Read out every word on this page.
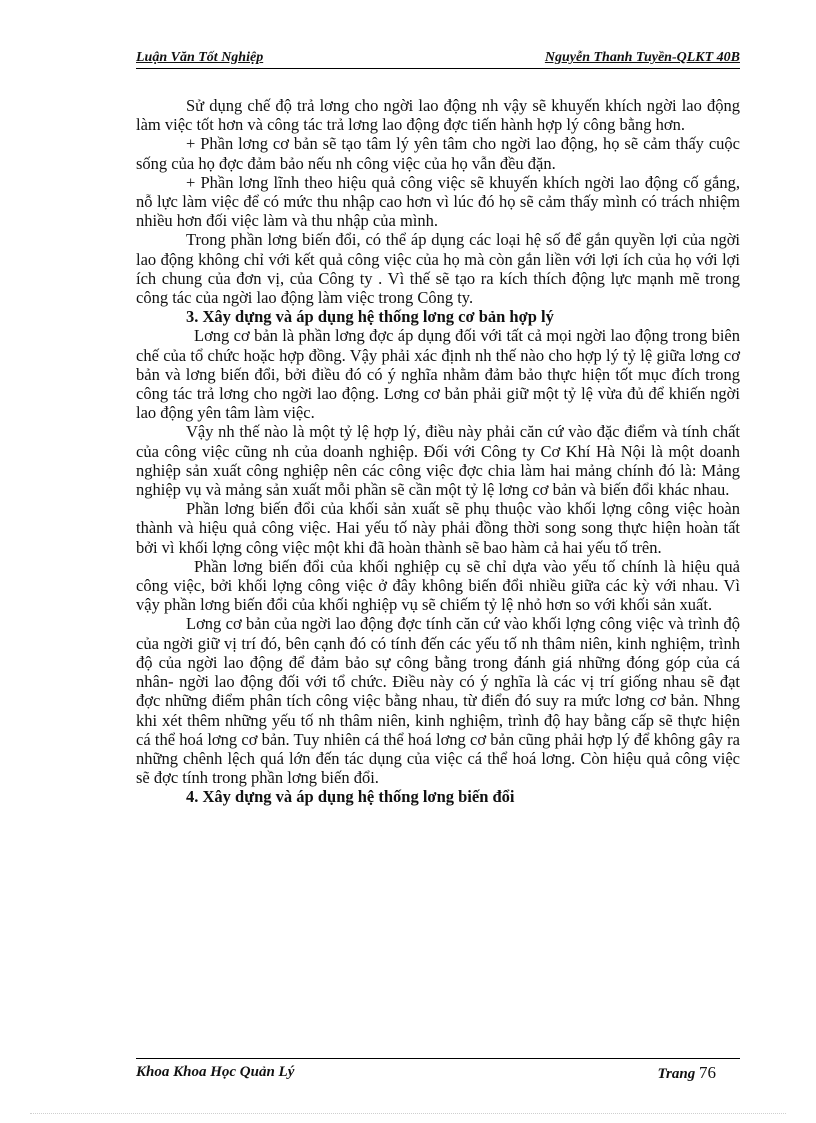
Luận Văn Tốt Nghiệp	Nguyễn Thanh Tuyền-QLKT 40B

Sử dụng chế độ trả lơng cho ngời lao động nh vậy sẽ khuyến khích ngời lao động làm việc tốt hơn và công tác trả lơng lao động đợc tiến hành hợp lý công bằng hơn.

+ Phần lơng cơ bản sẽ tạo tâm lý yên tâm cho ngời lao động, họ sẽ cảm thấy cuộc sống của họ đợc đảm bảo nếu nh công việc của họ vẫn đều đặn.

+ Phần lơng lĩnh theo hiệu quả công việc sẽ khuyến khích ngời lao động cố gắng, nỗ lực làm việc để có mức thu nhập cao hơn vì lúc đó họ sẽ cảm thấy mình có trách nhiệm nhiều hơn đối việc làm và thu nhập của mình.

Trong phần lơng biến đổi, có thể áp dụng các loại hệ số để gắn quyền lợi của ngời lao động không chỉ với kết quả công việc của họ mà còn gắn liền với lợi ích của họ với lợi ích chung của đơn vị, của Công ty . Vì thế sẽ tạo ra kích thích động lực mạnh mẽ trong công tác của ngời lao động làm việc trong Công ty.

3. Xây dựng và áp dụng hệ thống lơng cơ bản hợp lý

Lơng cơ bản là phần lơng đợc áp dụng đối với tất cả mọi ngời lao động trong biên chế của tổ chức hoặc hợp đồng. Vậy phải xác định nh thế nào cho hợp lý tỷ lệ giữa lơng cơ bản và lơng biến đổi, bởi điều đó có ý nghĩa nhằm đảm bảo thực hiện tốt mục đích trong công tác trả lơng cho ngời lao động. Lơng cơ bản phải giữ một tỷ lệ vừa đủ để khiến ngời lao động yên tâm làm việc.

Vậy nh thế nào là một tỷ lệ hợp lý, điều này phải căn cứ vào đặc điểm và tính chất của công việc cũng nh của doanh nghiệp. Đối với Công ty Cơ Khí Hà Nội là một doanh nghiệp sản xuất công nghiệp nên các công việc đợc chia làm hai mảng chính đó là: Mảng nghiệp vụ và mảng sản xuất mỗi phần sẽ cần một tỷ lệ lơng cơ bản và biến đổi khác nhau.

Phần lơng biến đổi của khối sản xuất sẽ phụ thuộc vào khối lợng công việc hoàn thành và hiệu quả công việc. Hai yếu tố này phải đồng thời song song thực hiện hoàn tất bởi vì khối lợng công việc một khi đã hoàn thành sẽ bao hàm cả hai yếu tố trên.

Phần lơng biến đổi của khối nghiệp cụ sẽ chỉ dựa vào yếu tố chính là hiệu quả công việc, bởi khối lợng công việc ở đây không biến đổi nhiều giữa các kỳ với nhau. Vì vậy phần lơng biến đổi của khối nghiệp vụ sẽ chiếm tỷ lệ nhỏ hơn so với khối sản xuất.

Lơng cơ bản của ngời lao động đợc tính căn cứ vào khối lợng công việc và trình độ của ngời giữ vị trí đó, bên cạnh đó có tính đến các yếu tố nh thâm niên, kinh nghiệm, trình độ của ngời lao động để đảm bảo sự công bằng trong đánh giá những đóng góp của cá nhân- ngời lao động đối với tổ chức. Điều này có ý nghĩa là các vị trí giống nhau sẽ đạt đợc những điểm phân tích công việc bằng nhau, từ điển đó suy ra mức lơng cơ bản. Nhng khi xét thêm những yếu tố nh thâm niên, kinh nghiệm, trình độ hay bằng cấp sẽ thực hiện cá thể hoá lơng cơ bản. Tuy nhiên cá thể hoá lơng cơ bản cũng phải hợp lý để không gây ra những chênh lệch quá lớn đến tác dụng của việc cá thể hoá lơng. Còn hiệu quả công việc sẽ đợc tính trong phần lơng biến đổi.

4. Xây dựng và áp dụng hệ thống lơng biến đổi

Khoa Khoa Học Quản Lý	Trang 76
